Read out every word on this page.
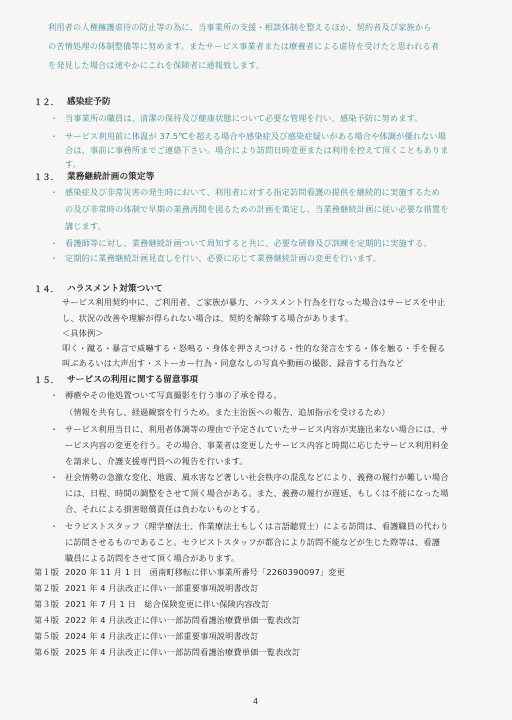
利用者の人権擁護虐待の防止等の為に、当事業所の支援・相談体制を整えるほか、契約者及び家族から
の苦情処理の体制整備等に努めます。またサービス事業者または療養者による虐待を受けたと思われる者
を発見した場合は速やかにこれを保険者に通報致します。
１２． 感染症予防
・ 当事業所の職員は、清潔の保持及び健康状態について必要な管理を行い、感染予防に努めます。
・ サービス利用前に体温が 37.5℃を超える場合や感染症及び感染症疑いがある場合や体調が優れない場
合は、事前に事務所までご連絡下さい。場合により訪問日時変更または利用を控えて頂くこともありま
す。
１３． 業務継続計画の策定等
・ 感染症及び非常災害の発生時において、利用者に対する指定訪問看護の提供を継続的に実施するため
の及び非常時の体制で早期の業務再開を図るための計画を策定し、当業務継続計画に従い必要な措置を
講じます。
・ 看護師等に対し、業務継続計画ついて周知すると共に、必要な研修及び訓練を定期的に実施する。
・ 定期的に業務継続計画見直しを行い、必要に応じて業務継続計画の変更を行います。
１４． ハラスメント対策ついて
サービス利用契約中に、ご利用者、ご家族が暴力、ハラスメント行為を行なった場合はサービスを中止
し、状況の改善や理解が得られない場合は、契約を解除する場合があります。
＜具体例＞
叩く・蹴る・暴言で威嚇する・怒鳴る・身体を押さえつける・性的な発言をする・体を触る・手を握る
叫ぶあるいは大声出す・ストーカー行為・同意なしの写真や動画の撮影、録音する行為など
１５． サービスの利用に関する留意事項
・ 褥瘡やその他処置ついて写真撮影を行う事の了承を得る。
（情報を共有し、経過観察を行うため。また主治医への報告、追加指示を受けるため）
・ サービス利用当日に、利用者体調等の理由で予定されていたサービス内容が実施出来ない場合には、サ
ービス内容の変更を行う。その場合、事業者は変更したサービス内容と時間に応じたサービス利用料金
を請求し、介護支援専門員への報告を行います。
・ 社会情勢の急激な変化、地震、風水害など著しい社会秩序の混乱などにより、義務の履行が難しい場合
には、日程、時間の調整をさせて頂く場合がある。また、義務の履行が遅延、もしくは不能になった場
合、それによる損害賠償責任は負わないものとする。
・ セラピストスタッフ（理学療法士、作業療法士もしくは言語聴覚士）による訪問は、看護職員の代わり
に訪問させるものであること。セラピストスタッフが都合により訪問不能などが生じた際等は、看護
職員による訪問をさせて頂く場合があります。
第１版 2020 年 11 月 1 日　函南町移転に伴い事業所番号「2260390097」変更
第２版 2021 年 4 月法改正に伴い一部重要事項説明書改訂
第３版 2021 年 7 月 1 日　総合保険変更に伴い保険内容改訂
第４版 2022 年 4 月法改正に伴い一部訪問看護治療費単価一覧表改訂
第５版 2024 年 4 月法改正に伴い一部重要事項説明書改訂
第６版 2025 年 4 月法改正に伴い一部訪問看護治療費単価一覧表改訂
4
